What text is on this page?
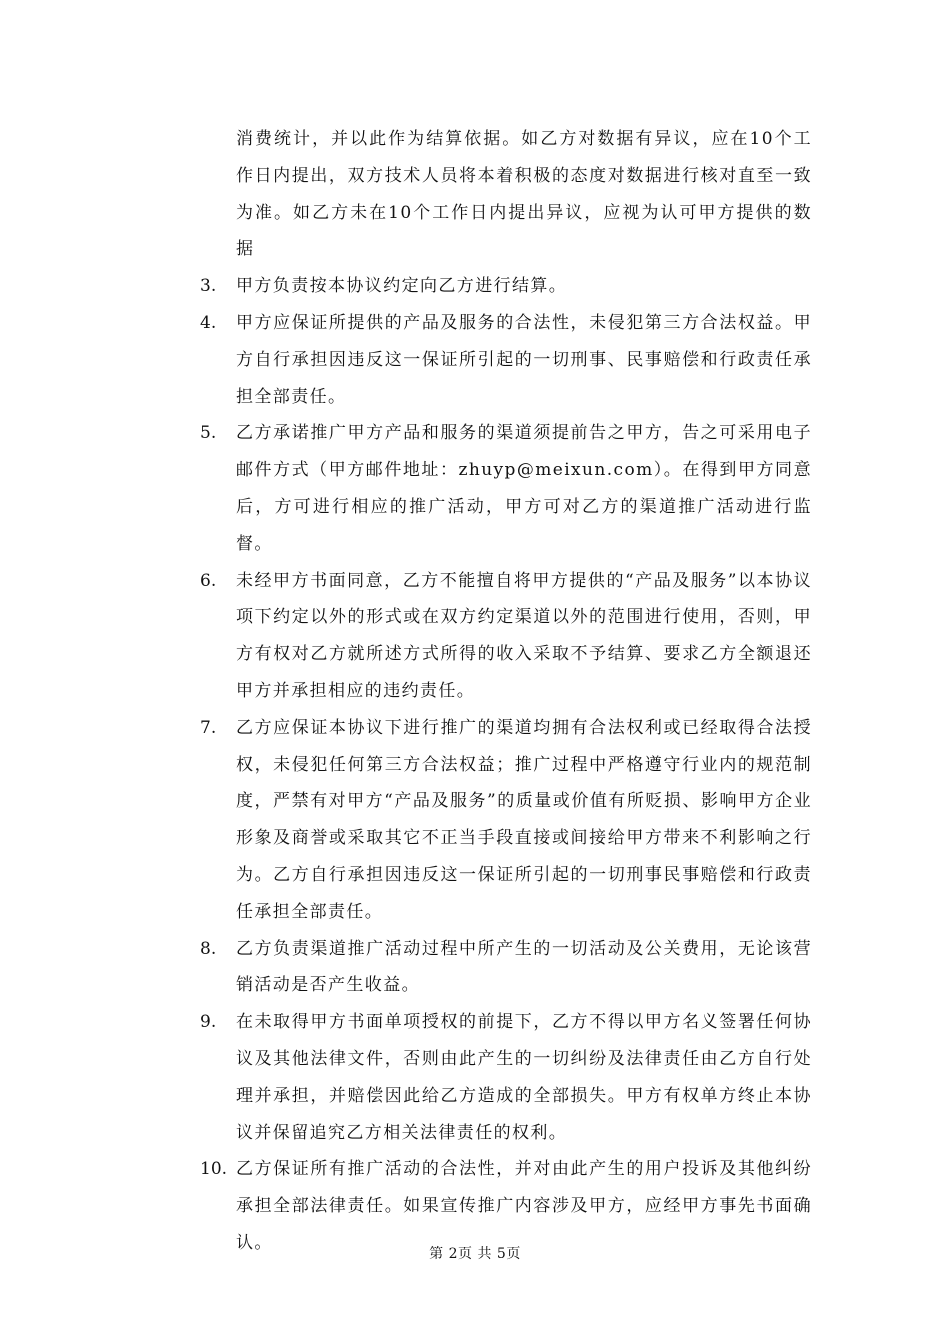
消费统计，并以此作为结算依据。如乙方对数据有异议，应在10个工作日内提出，双方技术人员将本着积极的态度对数据进行核对直至一致为准。如乙方未在10个工作日内提出异议，应视为认可甲方提供的数据

3. 甲方负责按本协议约定向乙方进行结算。

4. 甲方应保证所提供的产品及服务的合法性，未侵犯第三方合法权益。甲方自行承担因违反这一保证所引起的一切刑事、民事赔偿和行政责任承担全部责任。

5. 乙方承诺推广甲方产品和服务的渠道须提前告之甲方，告之可采用电子邮件方式（甲方邮件地址：zhuyp@meixun.com）。在得到甲方同意后，方可进行相应的推广活动，甲方可对乙方的渠道推广活动进行监督。

6. 未经甲方书面同意，乙方不能擅自将甲方提供的“产品及服务”以本协议项下约定以外的形式或在双方约定渠道以外的范围进行使用，否则，甲方有权对乙方就所述方式所得的收入采取不予结算、要求乙方全额退还甲方并承担相应的违约责任。

7. 乙方应保证本协议下进行推广的渠道均拥有合法权利或已经取得合法授权，未侵犯任何第三方合法权益；推广过程中严格遵守行业内的规范制度，严禁有对甲方“产品及服务”的质量或价值有所贬损、影响甲方企业形象及商誉或采取其它不正当手段直接或间接给甲方带来不利影响之行为。乙方自行承担因违反这一保证所引起的一切刑事民事赔偿和行政责任承担全部责任。

8. 乙方负责渠道推广活动过程中所产生的一切活动及公关费用，无论该营销活动是否产生收益。

9. 在未取得甲方书面单项授权的前提下，乙方不得以甲方名义签署任何协议及其他法律文件，否则由此产生的一切纠纷及法律责任由乙方自行处理并承担，并赔偿因此给乙方造成的全部损失。甲方有权单方终止本协议并保留追究乙方相关法律责任的权利。

10. 乙方保证所有推广活动的合法性，并对由此产生的用户投诉及其他纠纷承担全部法律责任。如果宣传推广内容涉及甲方，应经甲方事先书面确认。

第 2页 共 5页
